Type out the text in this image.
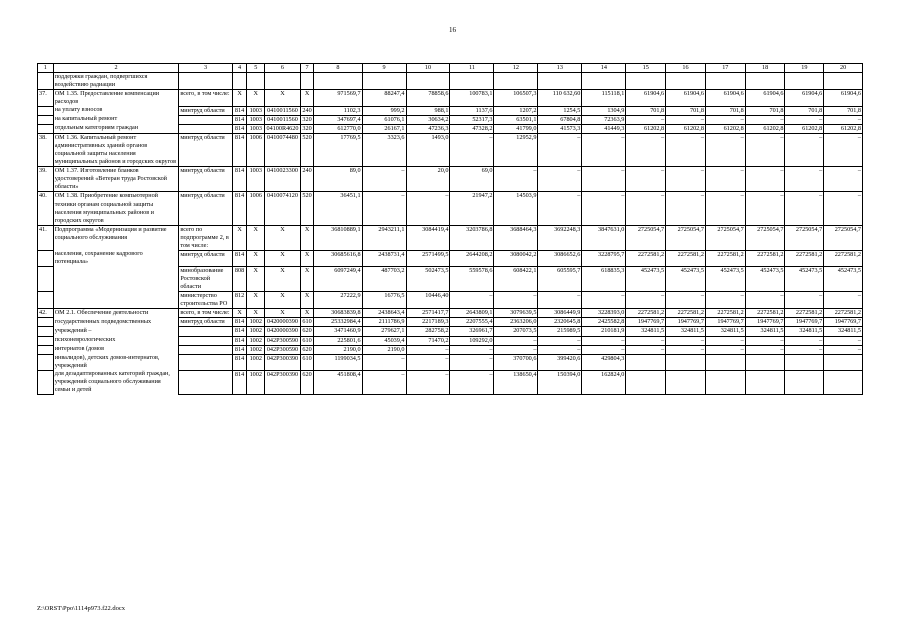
16
1	2	3	4	5	6	7	8	9	10	11	12	13	14	15	16	17	18	19	20
	поддержки граждан, подвергшихся воздействию радиации																		
37.	ОМ 1.35. Предоставление компенсации расходов	всего, в том числе:	Х	Х	Х	Х	971569,7	88247,4	78858,6	100783,1	106507,3	110 632,60	115118,1	61904,6	61904,6	61904,6	61904,6	61904,6	61904,6
	на уплату взносов	минтруд области	814	1003	0410011560	240	1102,3	999,2	988,1	1137,6	1207,2	1254,5	1304,9	701,8	701,8	701,8	701,8	701,8	701,8
	на капитальный ремонт		814	1003	0410011560	320	347697,4	61076,1	30634,2	52317,3	63501,1	67804,8	72363,9	–	–	–	–	–	–
	отдельным категориям граждан		814	1003	04100R4620	320	612770,0	26167,1	47236,3	47328,2	41799,0	41573,3	41449,3	61202,8	61202,8	61202,8	61202,8	61202,8	61202,8
38.	ОМ 1.36. Капитальный ремонт административных зданий органов социальной защиты населения муниципальных районов и городских округов	минтруд области	814	1006	0410074480	520	17769,5	3323,6	1493,0	–	12952,9	–	–	–	–	–	–	–	–
39.	ОМ 1.37. Изготовление бланков удостоверений «Ветеран труда Ростовской области»	минтруд области	814	1003	0410023300	240	89,0	–	20,0	69,0	–	–	–	–	–	–	–	–	–
40.	ОМ 1.38. Приобретение компьютерной техники органам социальной защиты населения муниципальных районов и городских округов	минтруд области	814	1006	0410074120	520	36451,1	–	–	21947,2	14503,9	–	–	–	–	–	–	–	–
41.	Подпрограмма «Модернизация и развитие социального обслуживания	всего по подпрограмме 2, в том числе:	Х	Х	Х	Х	36810889,1	2943211,1	3084419,4	3203786,8	3688464,3	3692248,3	3847631,0	2725054,7	2725054,7	2725054,7	2725054,7	2725054,7	2725054,7
	населения, сохранение кадрового потенциала»	минтруд области	814	Х	Х	Х	30685616,8	2438731,4	2571499,5	2644208,2	3080042,2	3086652,6	3228795,7	2272581,2	2272581,2	2272581,2	2272581,2	2272581,2	2272581,2
		минобразование Ростовской области	808	Х	Х	Х	6097249,4	487703,2	502473,5	559578,6	608422,1	605595,7	618835,3	452473,5	452473,5	452473,5	452473,5	452473,5	452473,5
		министерство строительства РО	812	Х	Х	Х	27222,9	16776,5	10446,40	–	–	–	–	–	–	–	–	–	–
42.	ОМ 2.1. Обеспечение деятельности	всего, в том числе:	Х	Х	Х	Х	30683839,8	2438643,4	2571417,7	2643809,1	3079639,5	3086449,9	3228393,0	2272581,2	2272581,2	2272581,2	2272581,2	2272581,2	2272581,2
	государственных подведомственных	минтруд области	814	1002	0420000390	610	25332984,4	2111786,9	2217189,3	2207555,4	2363206,0	2320645,8	2425582,8	1947769,7	1947769,7	1947769,7	1947769,7	1947769,7	1947769,7
	учреждений –		814	1002	0420000390	620	3471460,9	279627,1	282758,2	326961,7	207073,5	215989,5	210181,9	324811,5	324811,5	324811,5	324811,5	324811,5	324811,5
	психоневрологических		814	1002	042P300590	610	225801,6	45039,4	71470,2	109292,0	–	–	–	–	–	–	–	–	–
	интернатов (домов		814	1002	042P300590	620	2190,0	2190,0	–	–	–	–	–	–	–	–	–	–	–
	инвалидов), детских домов-интернатов, учреждений		814	1002	042P300390	610	1199034,5	–	–	–	370700,6	399420,6	429804,3						
	для дезадаптированных категорий граждан, учреждений социального обслуживания семьи и детей		814	1002	042P300390	620	451808,4	–	–	–	138650,4	150394,0	162824,0						
Z:\ORST\Ppo\1114p973.f22.docx
